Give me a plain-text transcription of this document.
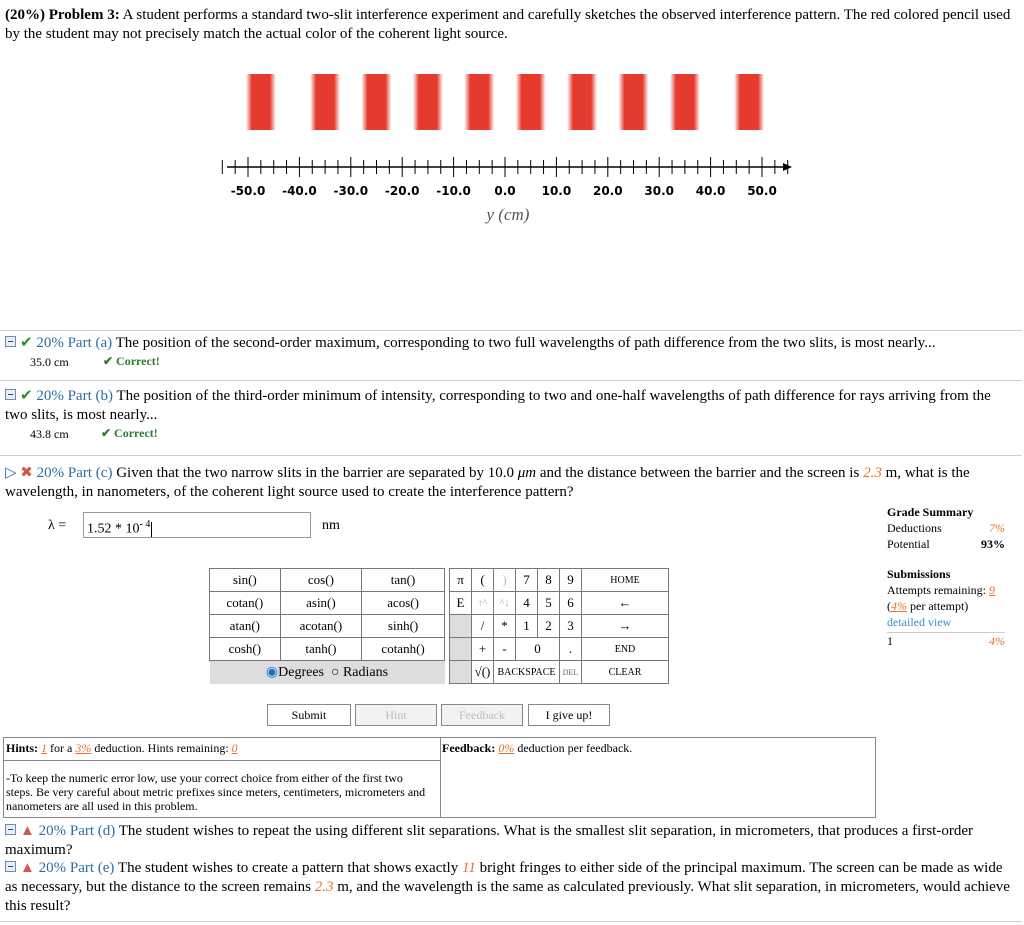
(20%) Problem 3: A student performs a standard two-slit interference experiment and carefully sketches the observed interference pattern. The red colored pencil used by the student may not precisely match the actual color of the coherent light source.
-50.0 -40.0 -30.0 -20.0 -10.0 0.0 10.0 20.0 30.0 40.0 50.0
y (cm)
✔ 20% Part (a) The position of the second-order maximum, corresponding to two full wavelengths of path difference from the two slits, is most nearly...
35.0 cm	✔ Correct!
✔ 20% Part (b) The position of the third-order minimum of intensity, corresponding to two and one-half wavelengths of path difference for rays arriving from the two slits, is most nearly...
43.8 cm	✔ Correct!
▷ ✖ 20% Part (c) Given that the two narrow slits in the barrier are separated by 10.0 μm and the distance between the barrier and the screen is 2.3 m, what is the wavelength, in nanometers, of the coherent light source used to create the interference pattern?
$\lambda = 1.52 * 10^{- 4}$	nm
Grade Summary
Deductions	7%
Potential	93%
Submissions
Attempts remaining: 9
(4% per attempt)
detailed view
1	4%
sin()	cos()	tan()
cotan()	asin()	acos()
atan()	acotan()	sinh()
cosh()	tanh()	cotanh()
◉Degrees ○ Radians		
π	(	)	7	8	9	HOME
E	↑^	^↓	4	5	6	←
	/	*	1	2	3	→
	+	-	0		.	END
	√()	BACKSPACE			DEL	CLEAR
Submit	Hint	Feedback	I give up!
Hints: 1 for a 3% deduction. Hints remaining: 0	Feedback: 0% deduction per feedback.
-To keep the numeric error low, use your correct choice from either of the first two steps. Be very careful about metric prefixes since meters, centimeters, micrometers and nanometers are all used in this problem.
▲ 20% Part (d) The student wishes to repeat the using different slit separations. What is the smallest slit separation, in micrometers, that produces a first-order maximum?
▲ 20% Part (e) The student wishes to create a pattern that shows exactly 11 bright fringes to either side of the principal maximum. The screen can be made as wide as necessary, but the distance to the screen remains 2.3 m, and the wavelength is the same as calculated previously. What slit separation, in micrometers, would achieve this result?
